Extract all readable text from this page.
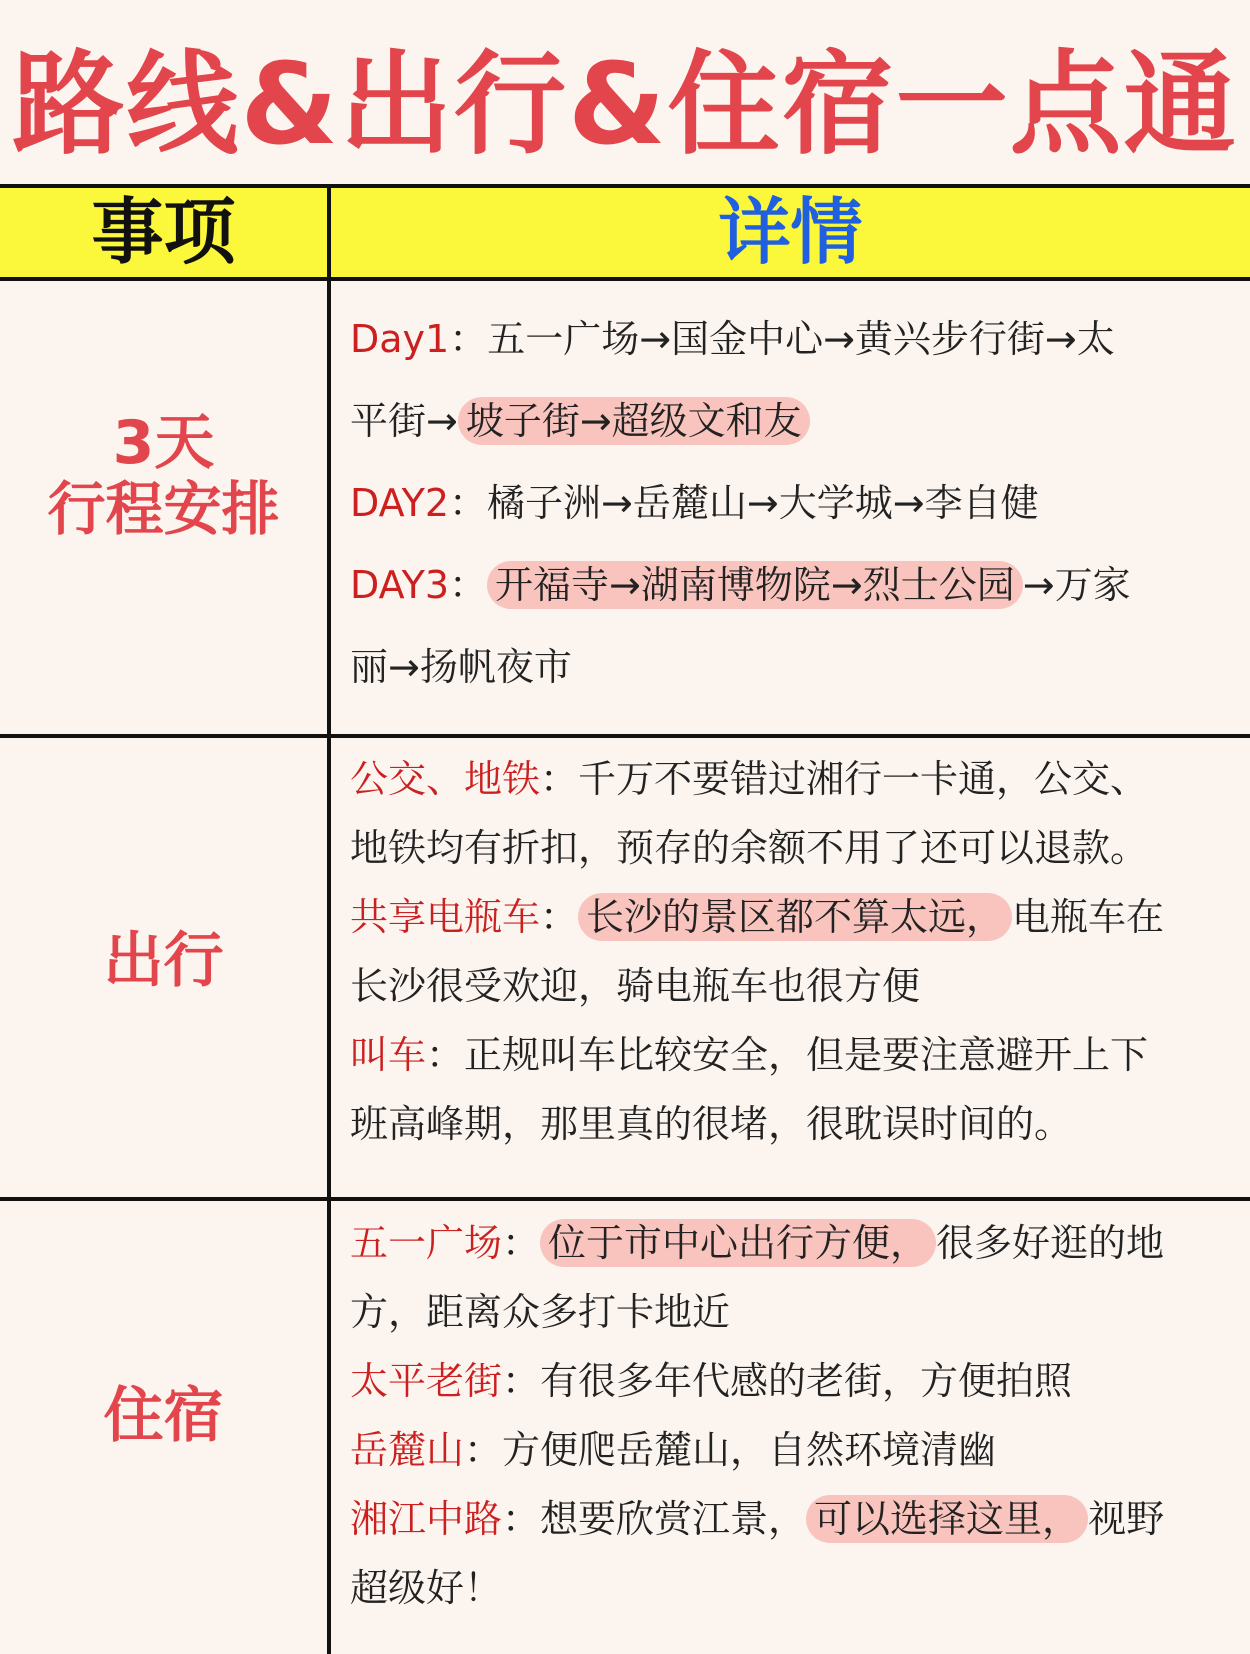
路线&出行&住宿一点通
事项	详情
3天
行程安排
Day1：五一广场→国金中心→黄兴步行街→太
平街→ 坡子街→超级文和友
DAY2：橘子洲→岳麓山→大学城→李自健
DAY3： 开福寺→湖南博物院→烈士公园 →万家
丽→扬帆夜市
出行
公交、地铁：千万不要错过湘行一卡通，公交、
地铁均有折扣，预存的余额不用了还可以退款。
共享电瓶车： 长沙的景区都不算太远， 电瓶车在
长沙很受欢迎，骑电瓶车也很方便
叫车：正规叫车比较安全，但是要注意避开上下
班高峰期，那里真的很堵，很耽误时间的。
住宿
五一广场： 位于市中心出行方便， 很多好逛的地
方，距离众多打卡地近
太平老街：有很多年代感的老街，方便拍照
岳麓山：方便爬岳麓山，自然环境清幽
湘江中路：想要欣赏江景， 可以选择这里， 视野
超级好！
